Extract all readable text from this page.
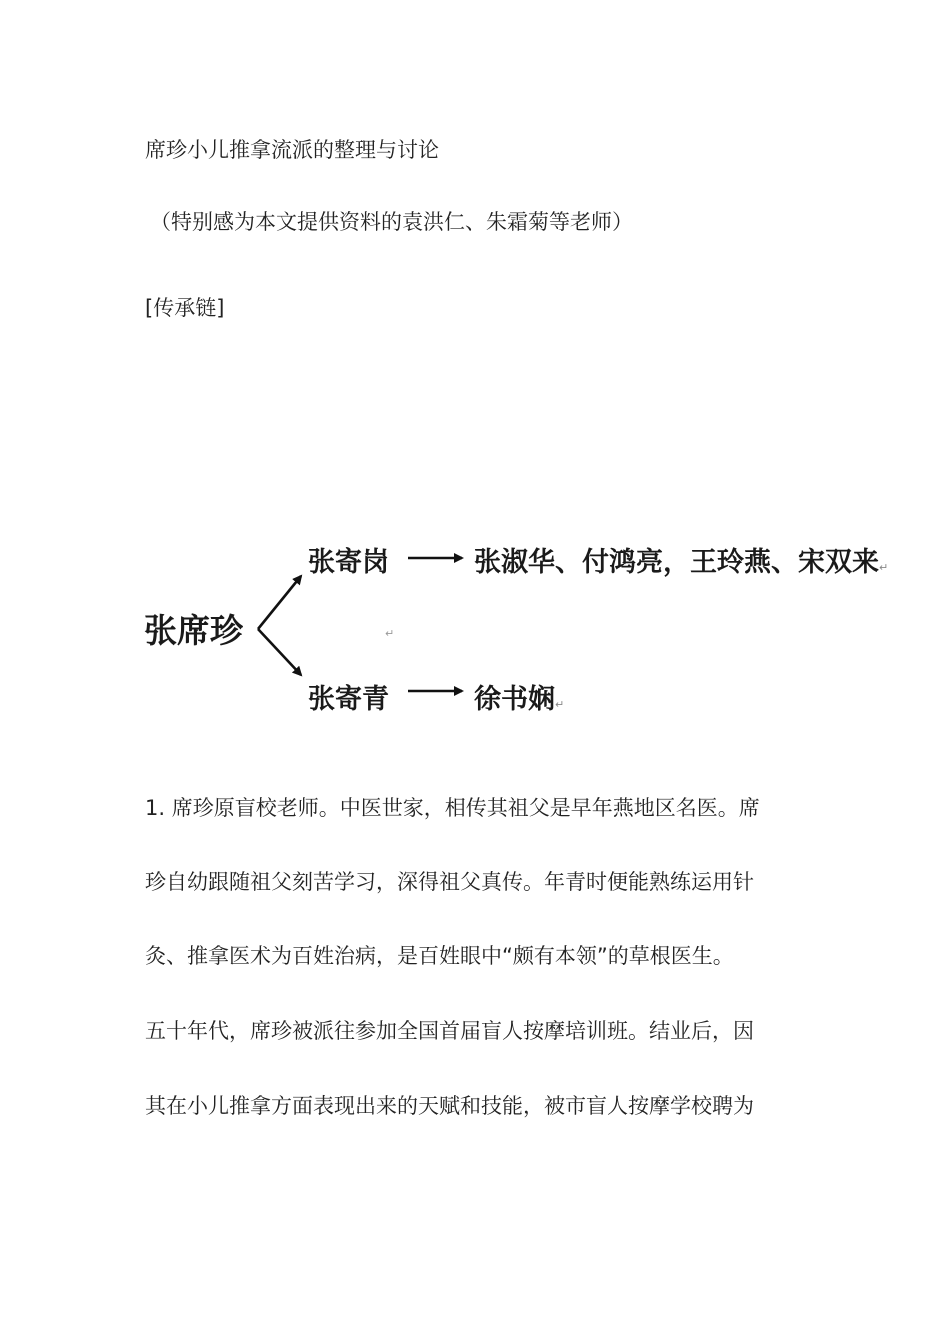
席珍小儿推拿流派的整理与讨论
（特别感为本文提供资料的袁洪仁、朱霜菊等老师）
[传承链]
张席珍
张寄岗
张寄青
张淑华、付鸿亮，王玲燕、宋双来↵
徐书娴↵
↵
1. 席珍原盲校老师。中医世家，相传其祖父是早年燕地区名医。席
珍自幼跟随祖父刻苦学习，深得祖父真传。年青时便能熟练运用针
灸、推拿医术为百姓治病，是百姓眼中“颇有本领”的草根医生。
五十年代，席珍被派往参加全国首届盲人按摩培训班。结业后，因
其在小儿推拿方面表现出来的天赋和技能，被市盲人按摩学校聘为
